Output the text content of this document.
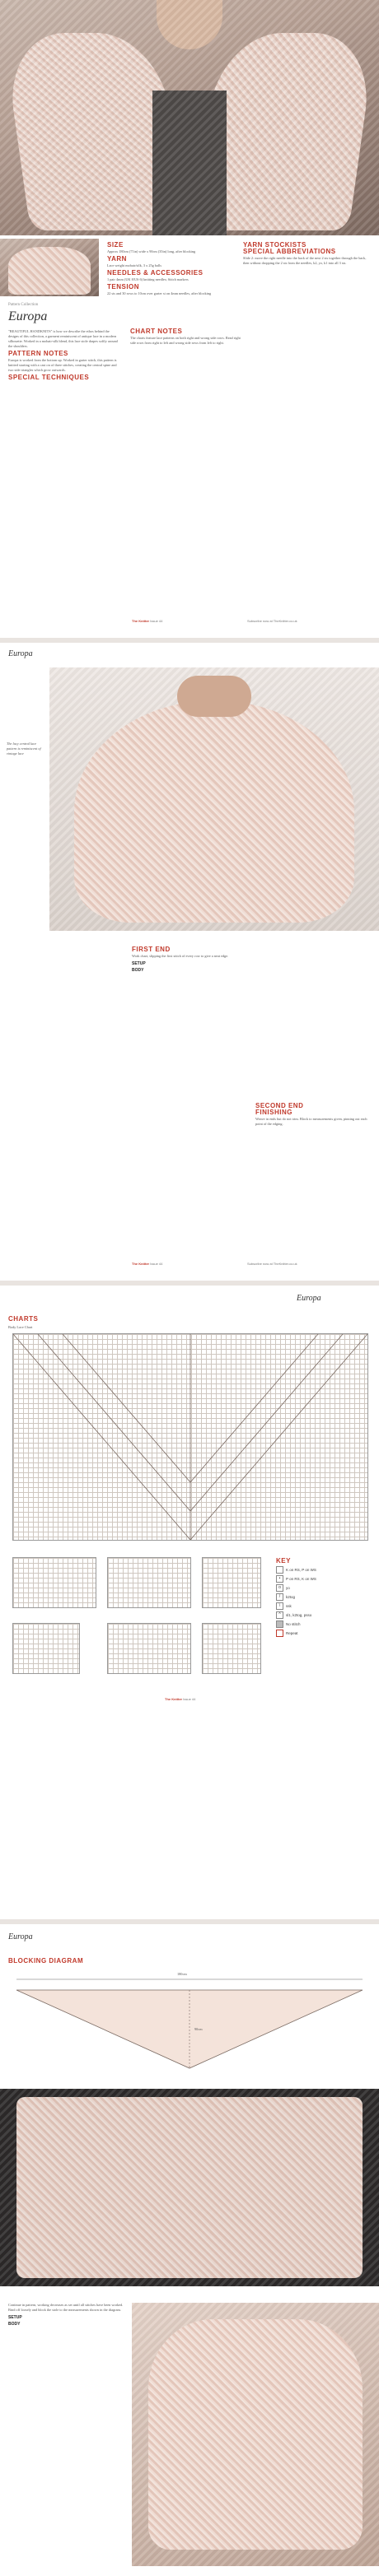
SIZE

Approx 180cm (71in) wide x 90cm (35in) long, after blocking

YARN

Lace weight mohair/silk, 3 x 25g balls

NEEDLES & ACCESSORIES

1 pair 4mm (UK 8/US 6) knitting needles; Stitch markers

TENSION

22 sts and 30 rows to 10cm over garter st on 4mm needles, after blocking

YARN STOCKISTS
SPECIAL ABBREVIATIONS

Slide 2: move the right needle into the back of the next 2 sts together through the back, then without dropping the 2 sts from the needles, k2, yo, k1 into all 3 sts.

Pattern Collection
Europa

"BEAUTIFUL HANDKNITS" is how we describe the ethos behind the designs of this collection, a garment reminiscent of antique lace in a modern silhouette. Worked in a mohair-silk blend, this lace stole drapes softly around the shoulders.

PATTERN NOTES

Europa is worked from the bottom up. Worked in garter stitch, this pattern is knitted starting with a cast on of three stitches, creating the central spine and two side triangles which grow outwards.

SPECIAL TECHNIQUES
CHART NOTES

The charts feature lace patterns on both right and wrong side rows. Read right side rows from right to left and wrong side rows from left to right.

The Knitter Issue 44	Subscribe now at TheKnitter.co.uk
Europa
The lacy central lace pattern is reminiscent of vintage lace
FIRST END

Work chart, slipping the first stitch of every row to give a neat edge.

SETUP
BODY
SECOND END
FINISHING

Weave in ends but do not trim. Block to measurements given, pinning out each point of the edging.

The Knitter Issue 44	Subscribe now at TheKnitter.co.uk
Europa
CHARTS
Body Lace Chart
KEY
K on RS, P on WS
•	P on RS, K on WS
o	yo
/	k2tog
\	ssk
^	sl1, k2tog, psso
No stitch
Repeat
The Knitter Issue 44
Europa
BLOCKING DIAGRAM
180cm
90cm

Continue in pattern, working decreases as set until all stitches have been worked. Bind off loosely and block the stole to the measurements shown in the diagram.

SETUP
BODY
